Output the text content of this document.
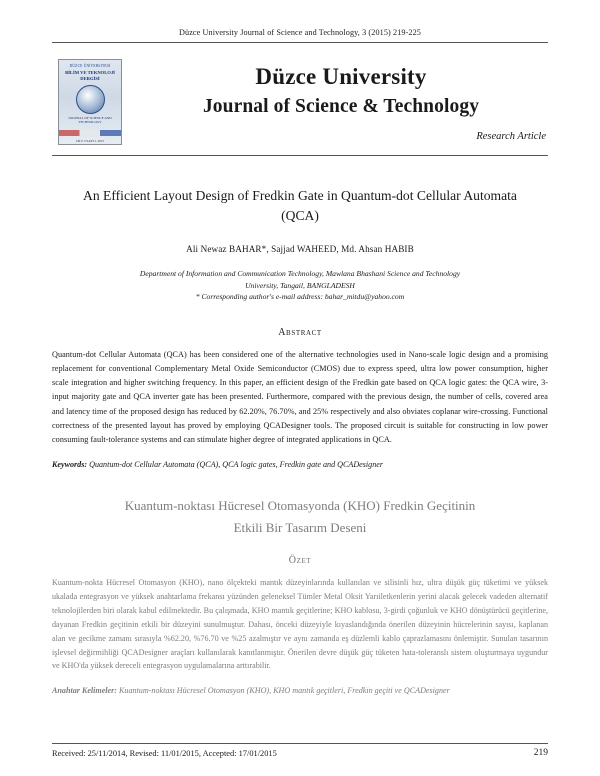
Düzce University Journal of Science and Technology, 3 (2015) 219-225
DÜZCE ÜNİVERSİTESİ
BİLİM VE TEKNOLOJİ DERGİSİ
JOURNAL OF SCIENCE AND TECHNOLOGY
CİLT 3 SAYI 1 2015
Düzce University
Journal of Science & Technology
Research Article
An Efficient Layout Design of Fredkin Gate in Quantum-dot Cellular Automata (QCA)
Ali Newaz BAHAR*, Sajjad WAHEED, Md. Ahsan HABIB
Department of Information and Communication Technology, Mawlana Bhashani Science and Technology
University, Tangail, BANGLADESH
* Corresponding author's e-mail address: bahar_mitdu@yahoo.com
Abstract

Quantum-dot Cellular Automata (QCA) has been considered one of the alternative technologies used in Nano-scale logic design and a promising replacement for conventional Complementary Metal Oxide Semiconductor (CMOS) due to express speed, ultra low power consumption, higher scale integration and higher switching frequency. In this paper, an efficient design of the Fredkin gate based on QCA logic gates: the QCA wire, 3-input majority gate and QCA inverter gate has been presented. Furthermore, compared with the previous design, the number of cells, covered area and latency time of the proposed design has reduced by 62.20%, 76.70%, and 25% respectively and also obviates coplanar wire-crossing. Functional correctness of the presented layout has proved by employing QCADesigner tools. The proposed circuit is suitable for constructing in low power consuming fault-tolerance systems and can stimulate higher degree of integrated applications in QCA.

Keywords: Quantum-dot Cellular Automata (QCA), QCA logic gates, Fredkin gate and QCADesigner
Kuantum-noktası Hücresel Otomasyonda (KHO) Fredkin Geçitinin
Etkili Bir Tasarım Deseni
Özet

Kuantum-nokta Hücresel Otomasyon (KHO), nano ölçekteki mantık düzeyinlarında kullanılan ve silisinli hız, ultra düşük güç tüketimi ve yüksek ukalada entegrasyon ve yüksek anahtarlama frekansı yüzünden geleneksel Tümler Metal Oksit Yarıiletkenlerin yerini alacak gelecek vadeden alternatif teknolojilerden biri olarak kabul edilmektedir. Bu çalışmada, KHO mantık geçitlerine; KHO kablosu, 3-girdi çoğunluk ve KHO dönüştürücü geçitlerine, dayanan Fredkin geçitinin etkili bir düzeyini sunulmuştur. Dahası, önceki düzeyiyle kıyaslandığında önerilen düzeyinin hücrelerinin sayısı, kaplanan alan ve gecikme zamanı sırasıyla %62.20, %76.70 ve %25 azalmıştır ve aynı zamanda eş düzlemli kablo çaprazlamasını önlemiştir. Sunulan tasarının işlevsel değirmihliği QCADesigner araçları kullanılarak kanıtlanmıştır. Önerilen devre düşük güç tüketen hata-toleranslı sistem oluşturmaya uygundur ve KHO'da yüksek dereceli entegrasyon uygulamalarına arttırabilir.

Anahtar Kelimeler: Kuantum-noktası Hücresel Otomasyon (KHO), KHO mantık geçitleri, Fredkin geçiti ve QCADesigner
Received: 25/11/2014, Revised: 11/01/2015, Accepted: 17/01/2015	219
